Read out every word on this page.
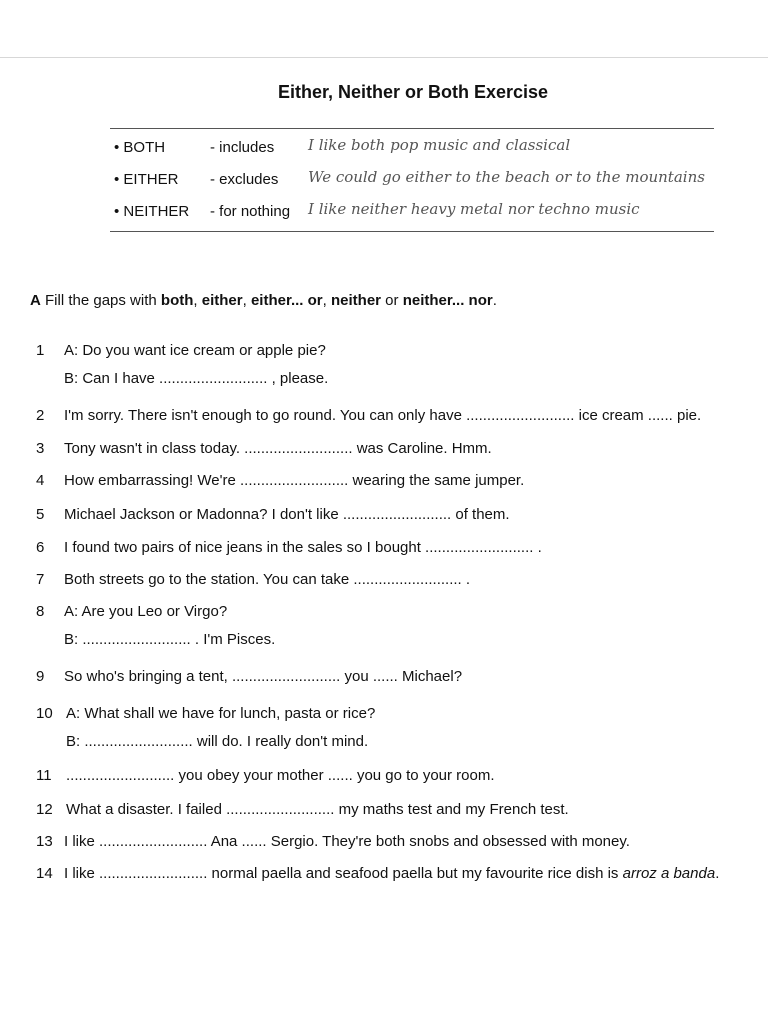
Either, Neither or Both Exercise
• BOTH	- includes I like both pop music and classical
• EITHER - excludes We could go either to the beach or to the mountains
• NEITHER - for nothing I like neither heavy metal nor techno music
A Fill the gaps with both, either, either... or, neither or neither... nor.
1	A: Do you want ice cream or apple pie?
B: Can I have .......................... , please.
2	I'm sorry. There isn't enough to go round. You can only have .......................... ice cream ...... pie.
3	Tony wasn't in class today. .......................... was Caroline. Hmm.
4	How embarrassing! We're .......................... wearing the same jumper.
5	Michael Jackson or Madonna? I don't like .......................... of them.
6	I found two pairs of nice jeans in the sales so I bought .......................... .
7	Both streets go to the station. You can take .......................... .
8	A: Are you Leo or Virgo?
B: .......................... . I'm Pisces.
9	So who's bringing a tent, .......................... you ...... Michael?
10 A: What shall we have for lunch, pasta or rice?
B: .......................... will do. I really don't mind.
11 .......................... you obey your mother ...... you go to your room.
12 What a disaster. I failed .......................... my maths test and my French test.
13 I like .......................... Ana ...... Sergio. They're both snobs and obsessed with money.
14 I like .......................... normal paella and seafood paella but my favourite rice dish is arroz a banda.
